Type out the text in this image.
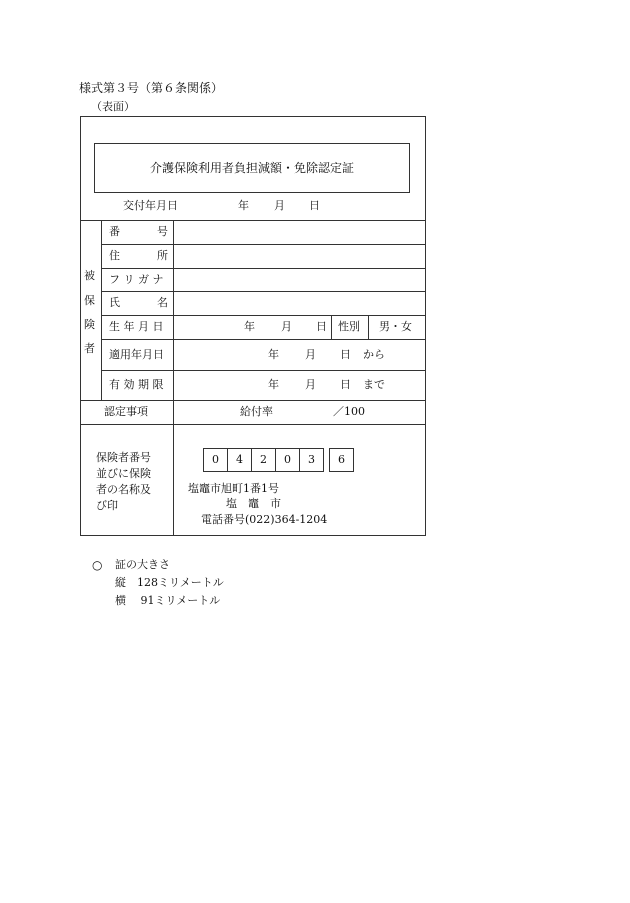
様式第３号（第６条関係）
（表面）
介護保険利用者負担減額・免除認定証
交付年月日	年 月 日
被
保
険
者
番	号
住	所
フ リ ガ ナ
氏	名
生 年 月 日	年 月 日 性別 男・女
適用年月日	年 月 日 から
有 効 期 限	年 月 日 まで
認定事項	給付率	／100
保険者番号
並びに保険
者の名称及
び印
0	4	2	0	3	6
塩竈市旭町1番1号
塩　竈　市
電話番号(022)364-1204
○ 証の大きさ
縦　128ミリメートル
横　 91ミリメートル
